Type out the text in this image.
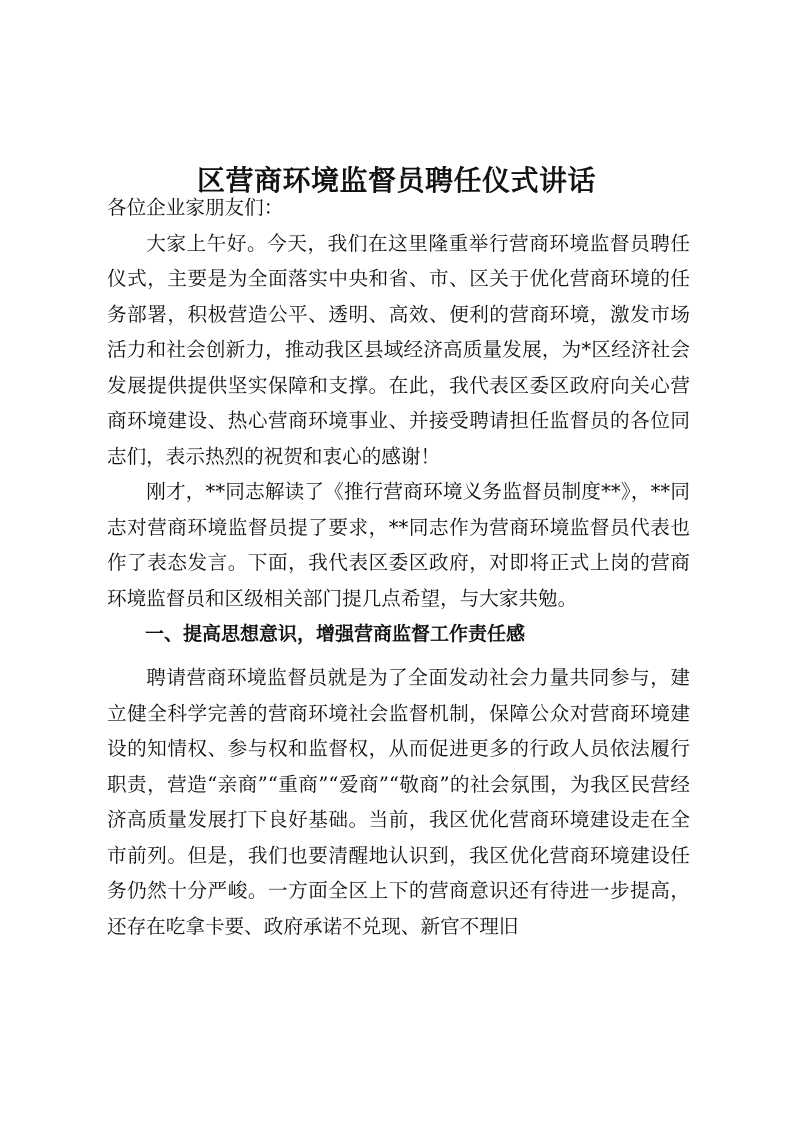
区营商环境监督员聘任仪式讲话

各位企业家朋友们：

大家上午好。今天，我们在这里隆重举行营商环境监督员聘任仪式，主要是为全面落实中央和省、市、区关于优化营商环境的任务部署，积极营造公平、透明、高效、便利的营商环境，激发市场活力和社会创新力，推动我区县域经济高质量发展，为*区经济社会发展提供提供坚实保障和支撑。在此，我代表区委区政府向关心营商环境建设、热心营商环境事业、并接受聘请担任监督员的各位同志们，表示热烈的祝贺和衷心的感谢！

刚才，**同志解读了《推行营商环境义务监督员制度**》，**同志对营商环境监督员提了要求，**同志作为营商环境监督员代表也作了表态发言。下面，我代表区委区政府，对即将正式上岗的营商环境监督员和区级相关部门提几点希望，与大家共勉。

一、提高思想意识，增强营商监督工作责任感

聘请营商环境监督员就是为了全面发动社会力量共同参与，建立健全科学完善的营商环境社会监督机制，保障公众对营商环境建设的知情权、参与权和监督权，从而促进更多的行政人员依法履行职责，营造“亲商”“重商”“爱商”“敬商”的社会氛围，为我区民营经济高质量发展打下良好基础。当前，我区优化营商环境建设走在全市前列。但是，我们也要清醒地认识到，我区优化营商环境建设任务仍然十分严峻。一方面全区上下的营商意识还有待进一步提高，还存在吃拿卡要、政府承诺不兑现、新官不理旧
